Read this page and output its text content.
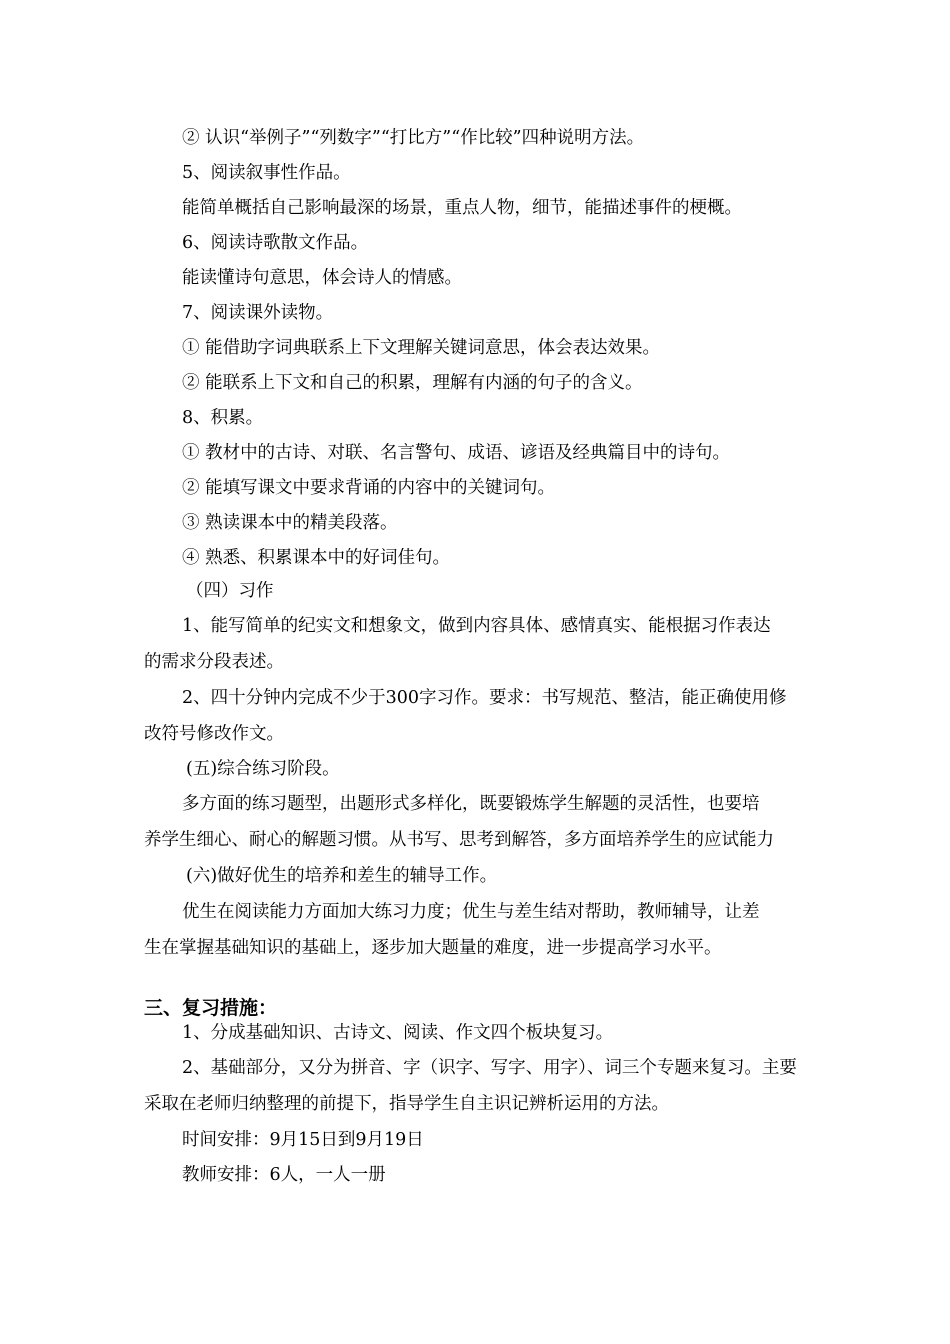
② 认识“举例子”“列数字”“打比方”“作比较”四种说明方法。
5、阅读叙事性作品。
能简单概括自己影响最深的场景，重点人物，细节，能描述事件的梗概。
6、阅读诗歌散文作品。
能读懂诗句意思，体会诗人的情感。
7、阅读课外读物。
① 能借助字词典联系上下文理解关键词意思，体会表达效果。
② 能联系上下文和自己的积累，理解有内涵的句子的含义。
8、积累。
① 教材中的古诗、对联、名言警句、成语、谚语及经典篇目中的诗句。
② 能填写课文中要求背诵的内容中的关键词句。
③ 熟读课本中的精美段落。
④ 熟悉、积累课本中的好词佳句。
（四）习作
1、能写简单的纪实文和想象文，做到内容具体、感情真实、能根据习作表达
的需求分段表述。
2、四十分钟内完成不少于300字习作。要求：书写规范、整洁，能正确使用修
改符号修改作文。
(五)综合练习阶段。
多方面的练习题型，出题形式多样化，既要锻炼学生解题的灵活性，也要培
养学生细心、耐心的解题习惯。从书写、思考到解答，多方面培养学生的应试能力
(六)做好优生的培养和差生的辅导工作。
优生在阅读能力方面加大练习力度；优生与差生结对帮助，教师辅导，让差
生在掌握基础知识的基础上，逐步加大题量的难度，进一步提高学习水平。
三、复习措施：
1、分成基础知识、古诗文、阅读、作文四个板块复习。
2、基础部分，又分为拼音、字（识字、写字、用字）、词三个专题来复习。主要
采取在老师归纳整理的前提下，指导学生自主识记辨析运用的方法。
时间安排：9月15日到9月19日
教师安排：6人，一人一册
